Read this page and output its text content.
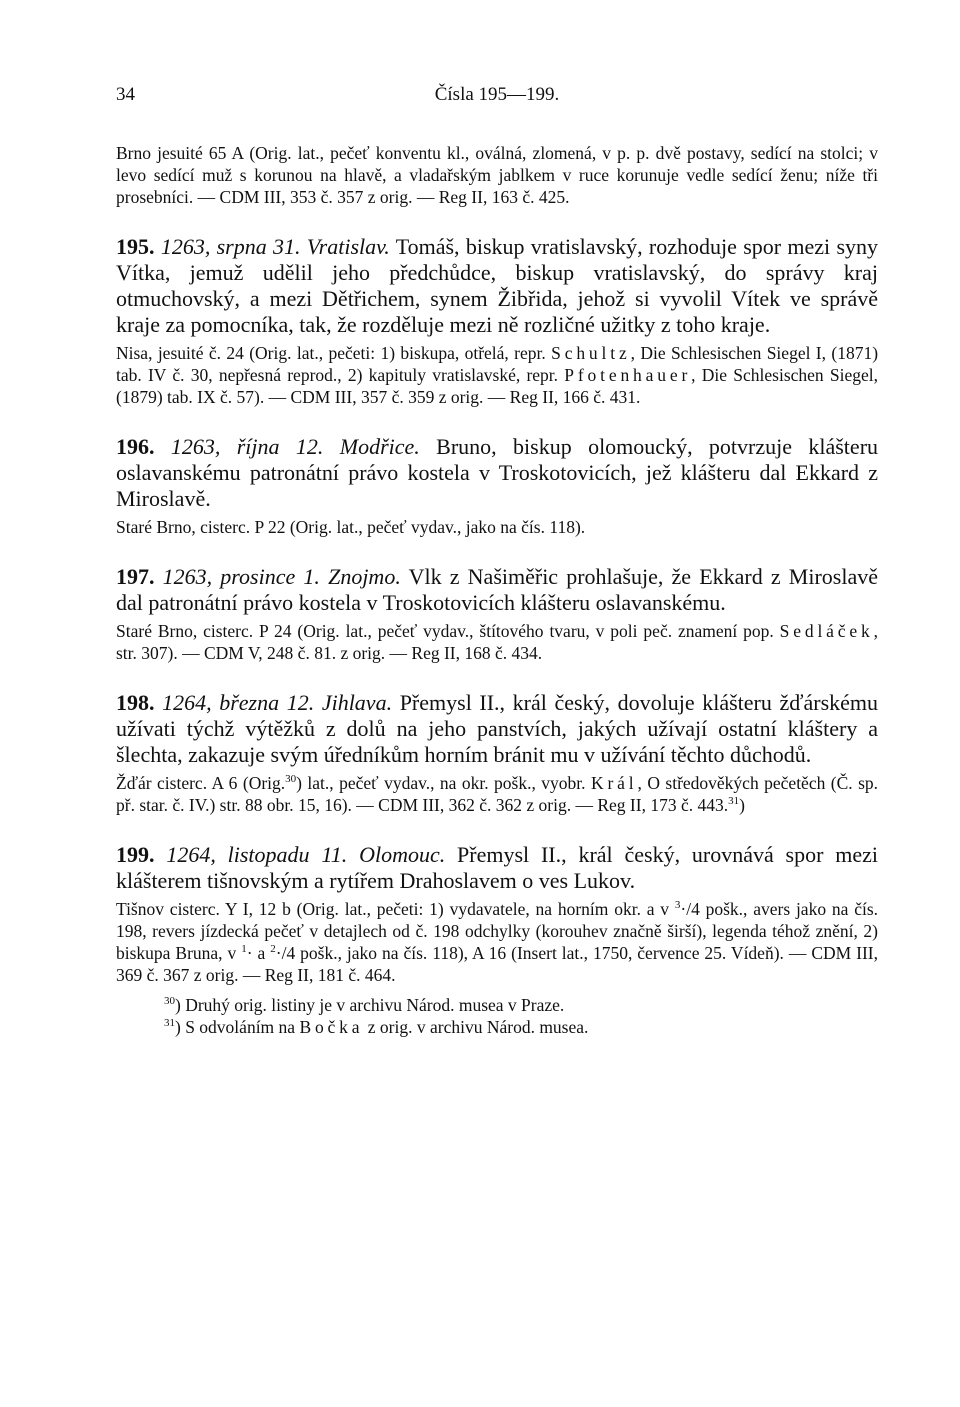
34	Čísla 195—199.

Brno jesuité 65 A (Orig. lat., pečeť konventu kl., oválná, zlomená, v p. p. dvě postavy, sedící na stolci; v levo sedící muž s korunou na hlavě, a vladařským jablkem v ruce korunuje vedle sedící ženu; níže tři prosebníci. — CDM III, 353 č. 357 z orig. — Reg II, 163 č. 425.

195. 1263, srpna 31. Vratislav. Tomáš, biskup vratislavský, rozhoduje spor mezi syny Vítka, jemuž udělil jeho předchůdce, biskup vratislavský, do správy kraj otmuchovský, a mezi Dětřichem, synem Žibřida, jehož si vyvolil Vítek ve správě kraje za pomocníka, tak, že rozděluje mezi ně rozličné užitky z toho kraje.

Nisa, jesuité č. 24 (Orig. lat., pečeti: 1) biskupa, otřelá, repr. Schultz, Die Schlesischen Siegel I, (1871) tab. IV č. 30, nepřesná reprod., 2) kapituly vratislavské, repr. Pfotenhauer, Die Schlesischen Siegel, (1879) tab. IX č. 57). — CDM III, 357 č. 359 z orig. — Reg II, 166 č. 431.

196. 1263, října 12. Modřice. Bruno, biskup olomoucký, potvrzuje klášteru oslavanskému patronátní právo kostela v Troskotovicích, jež klášteru dal Ekkard z Miroslavě.

Staré Brno, cisterc. P 22 (Orig. lat., pečeť vydav., jako na čís. 118).

197. 1263, prosince 1. Znojmo. Vlk z Našiměřic prohlašuje, že Ekkard z Miroslavě dal patronátní právo kostela v Troskotovicích klášteru oslavanskému.

Staré Brno, cisterc. P 24 (Orig. lat., pečeť vydav., štítového tvaru, v poli peč. znamení pop. Sedláček, str. 307). — CDM V, 248 č. 81. z orig. — Reg II, 168 č. 434.

198. 1264, března 12. Jihlava. Přemysl II., král český, dovoluje klášteru žďárskému užívati týchž výtěžků z dolů na jeho panstvích, jakých užívají ostatní kláštery a šlechta, zakazuje svým úředníkům horním bránit mu v užívání těchto důchodů.

Žďár cisterc. A 6 (Orig.$^{30}$) lat., pečeť vydav., na okr. pošk., vyobr. Král, O středověkých pečetěch (Č. sp. př. star. č. IV.) str. 88 obr. 15, 16). — CDM III, 362 č. 362 z orig. — Reg II, 173 č. 443.31)

199. 1264, listopadu 11. Olomouc. Přemysl II., král český, urovnává spor mezi klášterem tišnovským a rytířem Drahoslavem o ves Lukov.

Tišnov cisterc. Y I, 12 b (Orig. lat., pečeti: 1) vydavatele, na horním okr. a v $^3$·/4 pošk., avers jako na čís. 198, revers jízdecká pečeť v detajlech od č. 198 odchylky (korouhev značně širší), legenda téhož znění, 2) biskupa Bruna, v $^1$· a $^2$·/4 pošk., jako na čís. 118), A 16 (Insert lat., 1750, července 25. Vídeň). — CDM III, 369 č. 367 z orig. — Reg II, 181 č. 464.

$^{30}$) Druhý orig. listiny je v archivu Národ. musea v Praze.

$^{31}$) S odvoláním na Bočka z orig. v archivu Národ. musea.
